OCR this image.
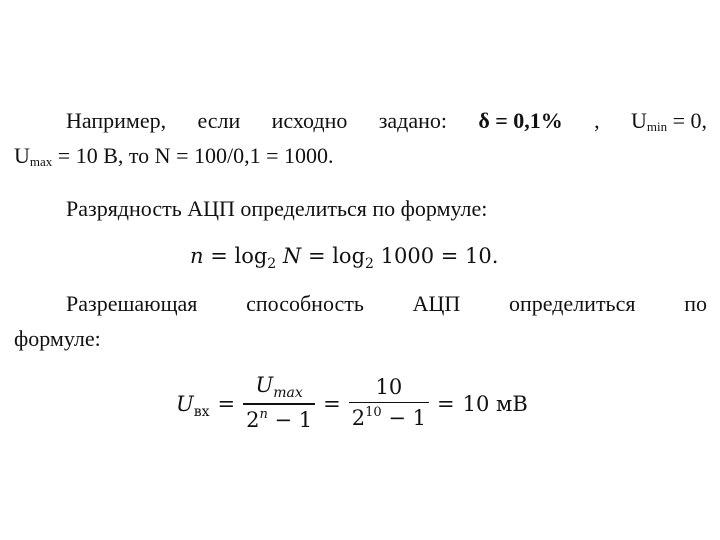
Например, если исходно задано: δ = 0,1% , Umin = 0,
Umax = 10 В, то N = 100/0,1 = 1000.
Разрядность АЦП определиться по формуле:
$n = \log_2 N = \log_2 1000 = 10$.
Разрешающая способность АЦП определиться по
формуле:
$U_{вх} = \frac{U_{max}}{2^n - 1} = \frac{10}{2^{10} - 1} = 10$ мВ
